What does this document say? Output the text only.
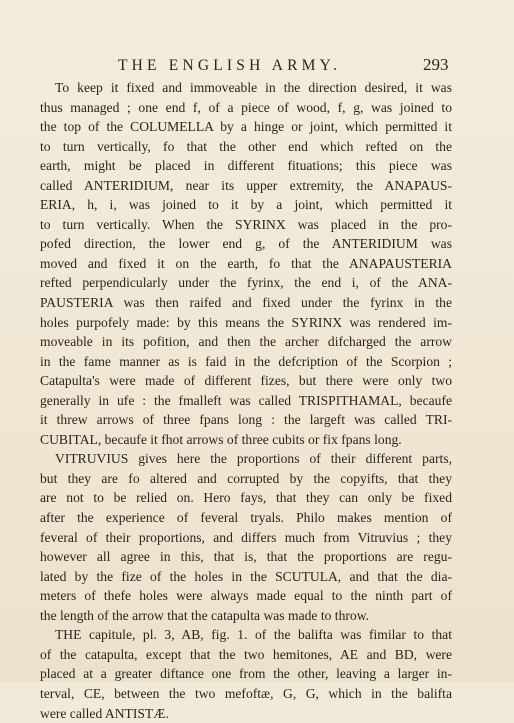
THE ENGLISH ARMY.	293
To keep it fixed and immoveable in the direction desired, it was
thus managed ; one end f, of a piece of wood, f, g, was joined to
the top of the COLUMELLA by a hinge or joint, which permitted it
to turn vertically, fo that the other end which refted on the
earth, might be placed in different fituations; this piece was
called ANTERIDIUM, near its upper extremity, the ANAPAUS-
ERIA, h, i, was joined to it by a joint, which permitted it
to turn vertically. When the SYRINX was placed in the pro-
pofed direction, the lower end g, of the ANTERIDIUM was
moved and fixed it on the earth, fo that the ANAPAUSTERIA
refted perpendicularly under the fyrinx, the end i, of the ANA-
PAUSTERIA was then raifed and fixed under the fyrinx in the
holes purpofely made: by this means the SYRINX was rendered im-
moveable in its pofition, and then the archer difcharged the arrow
in the fame manner as is faid in the defcription of the Scorpion ;
Catapulta's were made of different fizes, but there were only two
generally in ufe : the fmalleft was called TRISPITHAMAL, becaufe
it threw arrows of three fpans long : the largeft was called TRI-
CUBITAL, becaufe it fhot arrows of three cubits or fix fpans long.
VITRUVIUS gives here the proportions of their different parts,
but they are fo altered and corrupted by the copyifts, that they
are not to be relied on. Hero fays, that they can only be fixed
after the experience of feveral tryals. Philo makes mention of
feveral of their proportions, and differs much from Vitruvius ; they
however all agree in this, that is, that the proportions are regu-
lated by the fize of the holes in the SCUTULA, and that the dia-
meters of thefe holes were always made equal to the ninth part of
the length of the arrow that the catapulta was made to throw.
THE capitule, pl. 3, AB, fig. 1. of the balifta was fimilar to that
of the catapulta, except that the two hemitones, AE and BD, were
placed at a greater diftance one from the other, leaving a larger in-
terval, CE, between the two mefoftæ, G, G, which in the balifta
were called ANTISTÆ.
